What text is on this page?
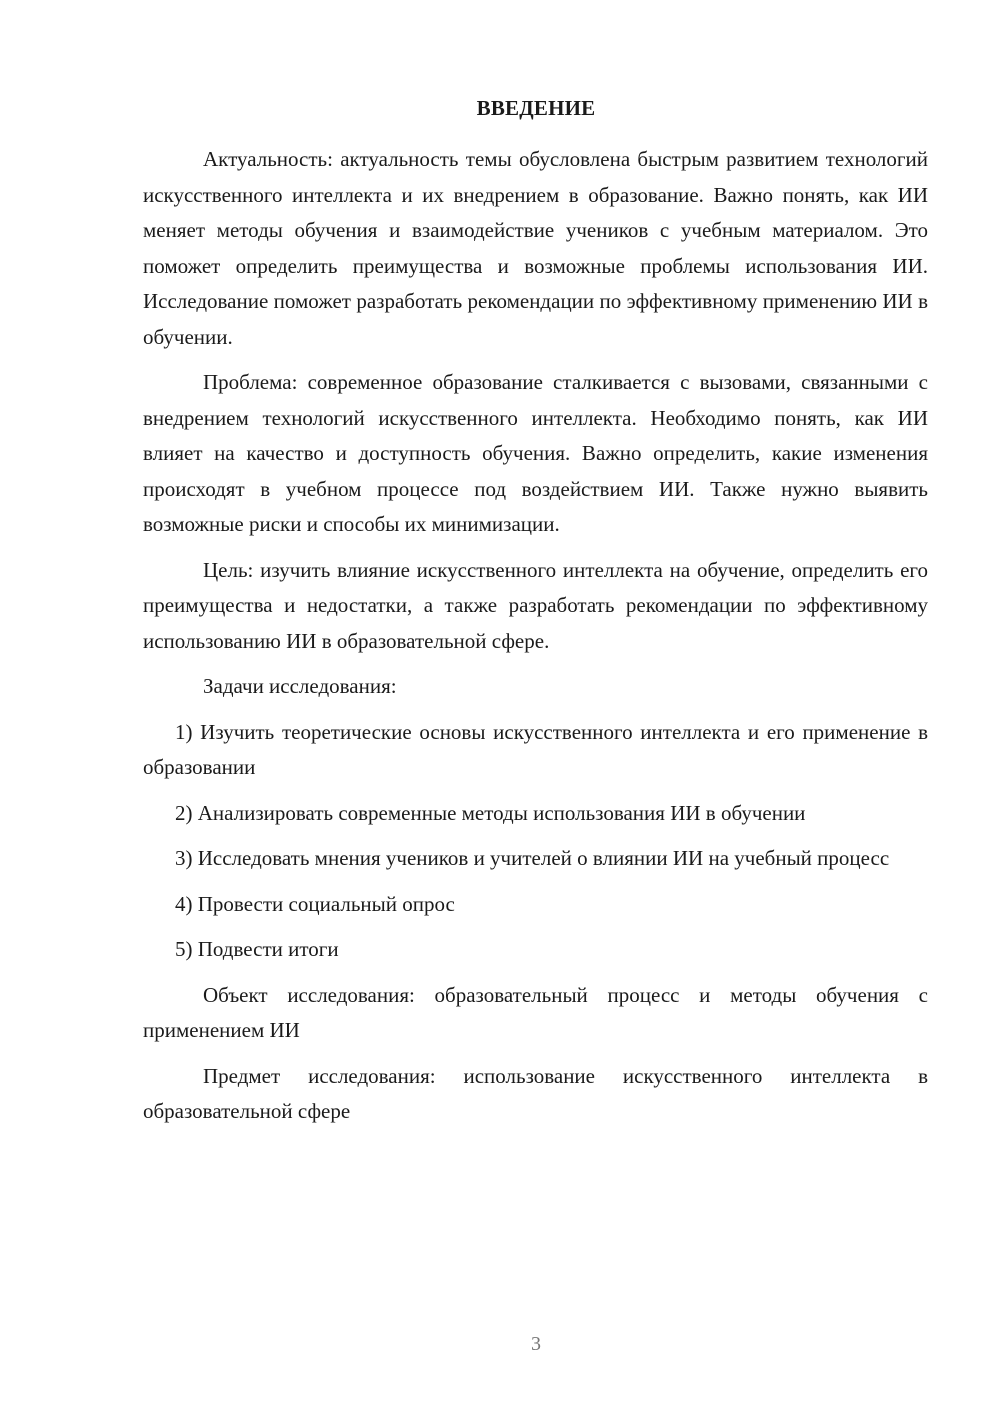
ВВЕДЕНИЕ

Актуальность: актуальность темы обусловлена быстрым развитием технологий искусственного интеллекта и их внедрением в образование. Важно понять, как ИИ меняет методы обучения и взаимодействие учеников с учебным материалом. Это поможет определить преимущества и возможные проблемы использования ИИ. Исследование поможет разработать рекомендации по эффективному применению ИИ в обучении.

Проблема: современное образование сталкивается с вызовами, связанными с внедрением технологий искусственного интеллекта. Необходимо понять, как ИИ влияет на качество и доступность обучения. Важно определить, какие изменения происходят в учебном процессе под воздействием ИИ. Также нужно выявить возможные риски и способы их минимизации.

Цель: изучить влияние искусственного интеллекта на обучение, определить его преимущества и недостатки, а также разработать рекомендации по эффективному использованию ИИ в образовательной сфере.

Задачи исследования:

1) Изучить теоретические основы искусственного интеллекта и его применение в образовании

2) Анализировать современные методы использования ИИ в обучении

3) Исследовать мнения учеников и учителей о влиянии ИИ на учебный процесс

4) Провести социальный опрос

5) Подвести итоги

Объект исследования: образовательный процесс и методы обучения с применением ИИ

Предмет исследования: использование искусственного интеллекта в образовательной сфере

3
